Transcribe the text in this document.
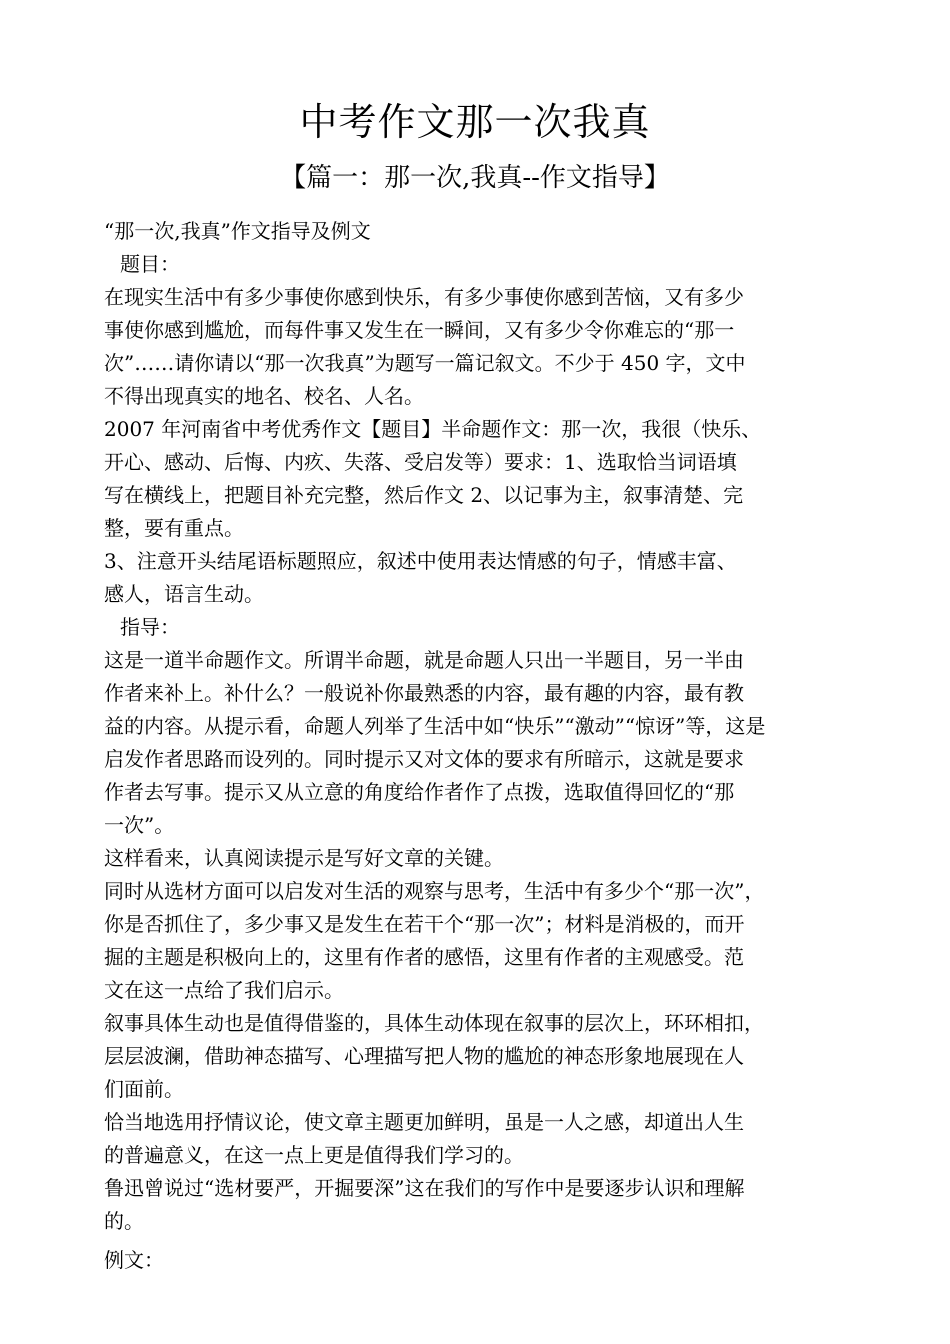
中考作文那一次我真
【篇一：那一次,我真--作文指导】
“那一次,我真”作文指导及例文
题目：
在现实生活中有多少事使你感到快乐，有多少事使你感到苦恼，又有多少
事使你感到尴尬，而每件事又发生在一瞬间，又有多少令你难忘的“那一
次”……请你请以“那一次我真”为题写一篇记叙文。不少于 450 字，文中
不得出现真实的地名、校名、人名。
2007 年河南省中考优秀作文【题目】半命题作文：那一次，我很（快乐、
开心、感动、后悔、内疚、失落、受启发等）要求：1、选取恰当词语填
写在横线上，把题目补充完整，然后作文 2、以记事为主，叙事清楚、完
整，要有重点。
3、注意开头结尾语标题照应，叙述中使用表达情感的句子，情感丰富、
感人，语言生动。
指导：
这是一道半命题作文。所谓半命题，就是命题人只出一半题目，另一半由
作者来补上。补什么？一般说补你最熟悉的内容，最有趣的内容，最有教
益的内容。从提示看，命题人列举了生活中如“快乐”“激动”“惊讶”等，这是
启发作者思路而设列的。同时提示又对文体的要求有所暗示，这就是要求
作者去写事。提示又从立意的角度给作者作了点拨，选取值得回忆的“那
一次”。
这样看来，认真阅读提示是写好文章的关键。
同时从选材方面可以启发对生活的观察与思考，生活中有多少个“那一次”，
你是否抓住了，多少事又是发生在若干个“那一次”；材料是消极的，而开
掘的主题是积极向上的，这里有作者的感悟，这里有作者的主观感受。范
文在这一点给了我们启示。
叙事具体生动也是值得借鉴的，具体生动体现在叙事的层次上，环环相扣，
层层波澜，借助神态描写、心理描写把人物的尴尬的神态形象地展现在人
们面前。
恰当地选用抒情议论，使文章主题更加鲜明，虽是一人之感，却道出人生
的普遍意义，在这一点上更是值得我们学习的。
鲁迅曾说过“选材要严，开掘要深”这在我们的写作中是要逐步认识和理解
的。
例文：
